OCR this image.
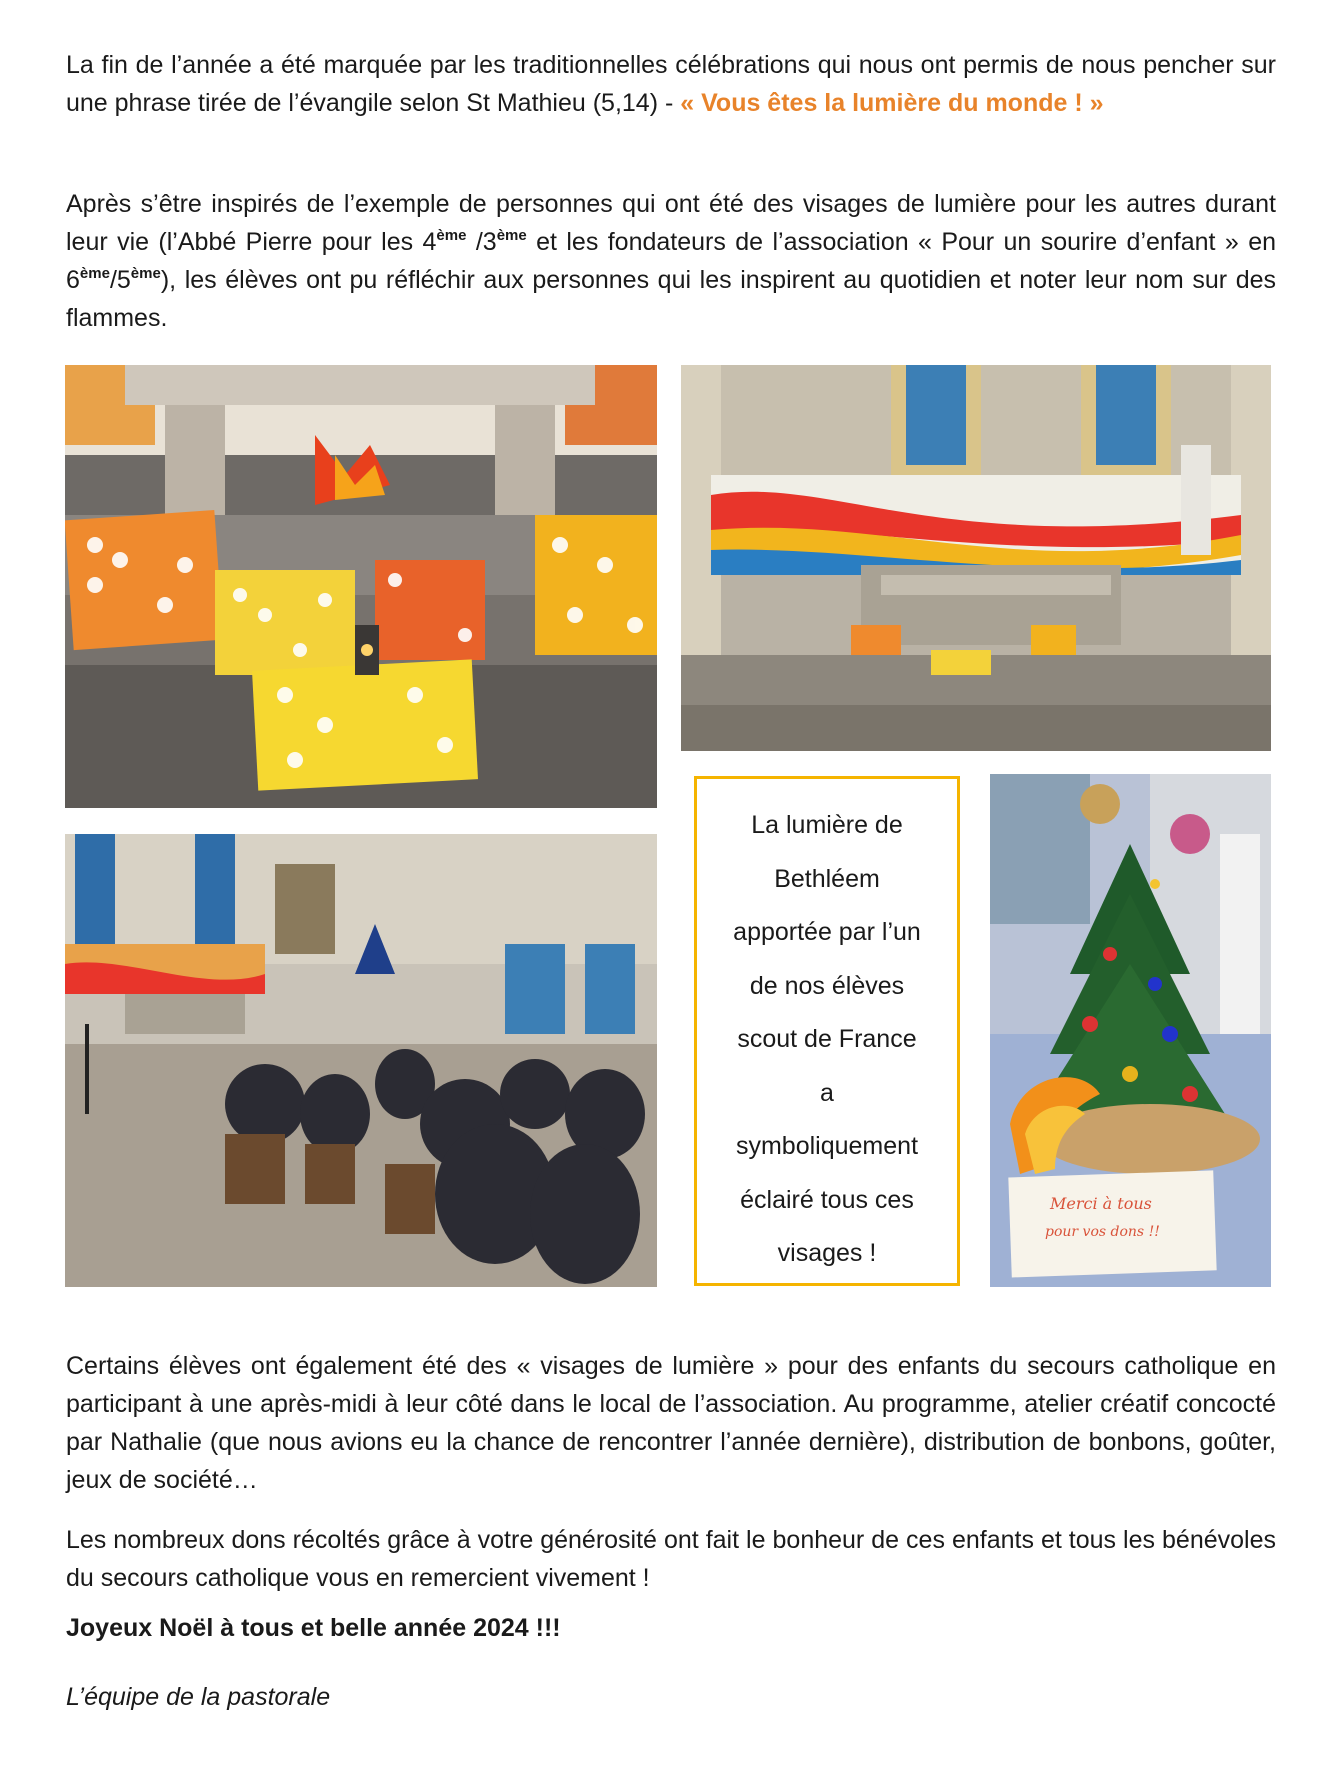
La fin de l’année a été marquée par les traditionnelles célébrations qui nous ont permis de nous pencher sur une phrase tirée de l’évangile selon St Mathieu (5,14) - « Vous êtes la lumière du monde ! »

Après s’être inspirés de l’exemple de personnes qui ont été des visages de lumière pour les autres durant leur vie (l’Abbé Pierre pour les 4ème /3ème et les fondateurs de l’association « Pour un sourire d’enfant » en 6ème/5ème), les élèves ont pu réfléchir aux personnes qui les inspirent au quotidien et noter leur nom sur des flammes.

La lumière de
Bethléem
apportée par l’un
de nos élèves
scout de France
a
symboliquement
éclairé tous ces
visages !
Merci à tous
pour vos dons !!

Certains élèves ont également été des « visages de lumière » pour des enfants du secours catholique en participant à une après-midi à leur côté dans le local de l’association. Au programme, atelier créatif concocté par Nathalie (que nous avions eu la chance de rencontrer l’année dernière), distribution de bonbons, goûter, jeux de société…

Les nombreux dons récoltés grâce à votre générosité ont fait le bonheur de ces enfants et tous les bénévoles du secours catholique vous en remercient vivement !

Joyeux Noël à tous et belle année 2024 !!!

L’équipe de la pastorale
